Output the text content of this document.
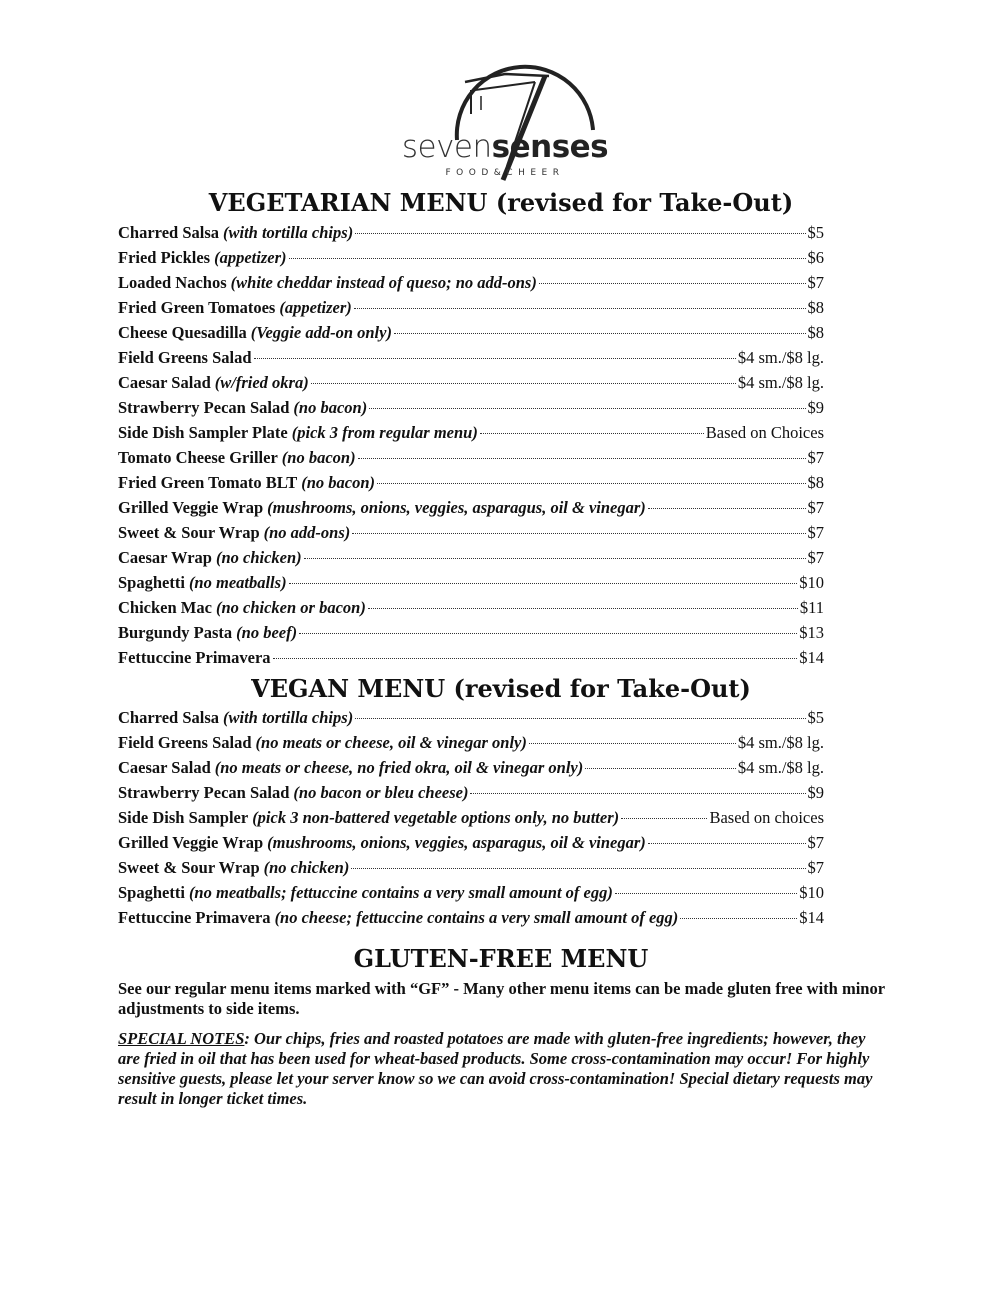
sevensenses
FOOD&CHEER
VEGETARIAN MENU (revised for Take-Out)
Charred Salsa (with tortilla chips)	$5
Fried Pickles (appetizer)	$6
Loaded Nachos (white cheddar instead of queso; no add-ons)	$7
Fried Green Tomatoes (appetizer)	$8
Cheese Quesadilla (Veggie add-on only)	$8
Field Greens Salad	$4 sm./$8 lg.
Caesar Salad (w/fried okra)	$4 sm./$8 lg.
Strawberry Pecan Salad (no bacon)	$9
Side Dish Sampler Plate (pick 3 from regular menu)	Based on Choices
Tomato Cheese Griller (no bacon)	$7
Fried Green Tomato BLT (no bacon)	$8
Grilled Veggie Wrap (mushrooms, onions, veggies, asparagus, oil & vinegar)	$7
Sweet & Sour Wrap (no add-ons)	$7
Caesar Wrap (no chicken)	$7
Spaghetti (no meatballs)	$10
Chicken Mac (no chicken or bacon)	$11
Burgundy Pasta (no beef)	$13
Fettuccine Primavera	$14
VEGAN MENU (revised for Take-Out)
Charred Salsa (with tortilla chips)	$5
Field Greens Salad (no meats or cheese, oil & vinegar only)	$4 sm./$8 lg.
Caesar Salad (no meats or cheese, no fried okra, oil & vinegar only)	$4 sm./$8 lg.
Strawberry Pecan Salad (no bacon or bleu cheese)	$9
Side Dish Sampler (pick 3 non-battered vegetable options only, no butter)	Based on choices
Grilled Veggie Wrap (mushrooms, onions, veggies, asparagus, oil & vinegar)	$7
Sweet & Sour Wrap (no chicken)	$7
Spaghetti (no meatballs; fettuccine contains a very small amount of egg)	$10
Fettuccine Primavera (no cheese; fettuccine contains a very small amount of egg)	$14
GLUTEN-FREE MENU
See our regular menu items marked with “GF” - Many other menu items can be made gluten free with minor adjustments to side items.
SPECIAL NOTES: Our chips, fries and roasted potatoes are made with gluten-free ingredients; however, they are fried in oil that has been used for wheat-based products. Some cross-contamination may occur! For highly sensitive guests, please let your server know so we can avoid cross-contamination! Special dietary requests may result in longer ticket times.
